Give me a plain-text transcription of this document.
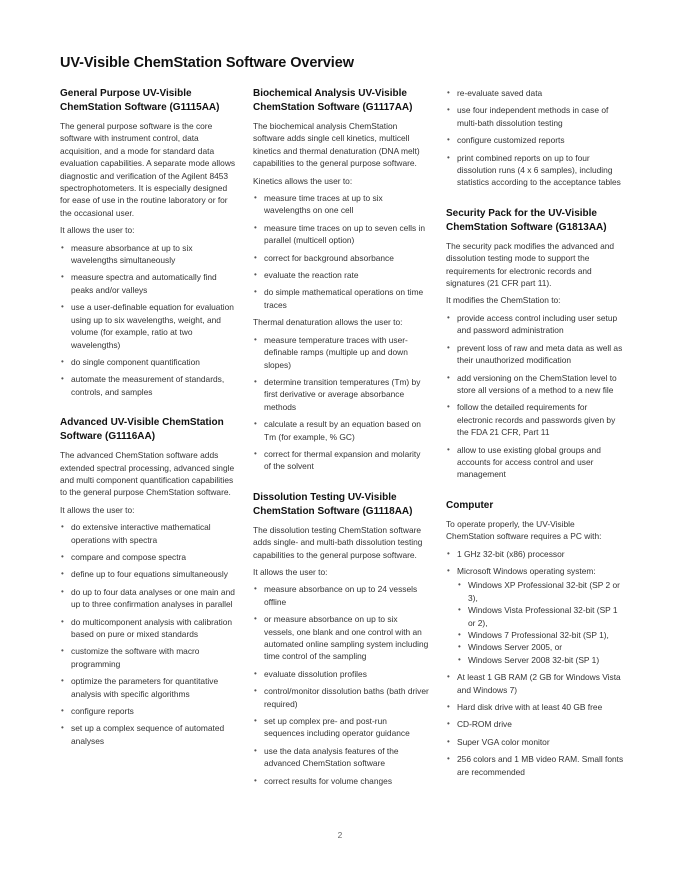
UV-Visible ChemStation Software Overview
General Purpose UV-Visible ChemStation Software (G1115AA)

The general purpose software is the core software with instrument control, data acquisition, and a mode for standard data evaluation capabilities. A separate mode allows diagnostic and verification of the Agilent 8453 spectrophotometers. It is especially designed for ease of use in the routine laboratory or for the occasional user.

It allows the user to:

• measure absorbance at up to six wavelengths simultaneously
• measure spectra and automatically find peaks and/or valleys
• use a user-definable equation for evaluation using up to six wavelengths, weight, and volume (for example, ratio at two wavelengths)
• do single component quantification
• automate the measurement of standards, controls, and samples
Advanced UV-Visible ChemStation Software (G1116AA)

The advanced ChemStation software adds extended spectral processing, advanced single and multi component quantification capabilities to the general purpose ChemStation software.

It allows the user to:

• do extensive interactive mathematical operations with spectra
• compare and compose spectra
• define up to four equations simultaneously
• do up to four data analyses or one main and up to three confirmation analyses in parallel
• do multicomponent analysis with calibration based on pure or mixed standards
• customize the software with macro programming
• optimize the parameters for quantitative analysis with specific algorithms
• configure reports
• set up a complex sequence of automated analyses
Biochemical Analysis UV-Visible ChemStation Software (G1117AA)

The biochemical analysis ChemStation software adds single cell kinetics, multicell kinetics and thermal denaturation (DNA melt) capabilities to the general purpose software.

Kinetics allows the user to:

• measure time traces at up to six wavelengths on one cell
• measure time traces on up to seven cells in parallel (multicell option)
• correct for background absorbance
• evaluate the reaction rate
• do simple mathematical operations on time traces

Thermal denaturation allows the user to:

• measure temperature traces with user-definable ramps (multiple up and down slopes)
• determine transition temperatures (Tm) by first derivative or average absorbance methods
• calculate a result by an equation based on Tm (for example, % GC)
• correct for thermal expansion and molarity of the solvent
Dissolution Testing UV-Visible ChemStation Software (G1118AA)

The dissolution testing ChemStation software adds single- and multi-bath dissolution testing capabilities to the general purpose software.

It allows the user to:

• measure absorbance on up to 24 vessels offline
• or measure absorbance on up to six vessels, one blank and one control with an automated online sampling system including time control of the sampling
• evaluate dissolution profiles
• control/monitor dissolution baths (bath driver required)
• set up complex pre- and post-run sequences including operator guidance
• use the data analysis features of the advanced ChemStation software
• correct results for volume changes
• re-evaluate saved data
• use four independent methods in case of multi-bath dissolution testing
• configure customized reports
• print combined reports on up to four dissolution runs (4 x 6 samples), including statistics according to the acceptance tables
Security Pack for the UV-Visible ChemStation Software (G1813AA)

The security pack modifies the advanced and dissolution testing mode to support the requirements for electronic records and signatures (21 CFR part 11).

It modifies the ChemStation to:

• provide access control including user setup and password administration
• prevent loss of raw and meta data as well as their unauthorized modification
• add versioning on the ChemStation level to store all versions of a method to a new file
• follow the detailed requirements for electronic records and passwords given by the FDA 21 CFR, Part 11
• allow to use existing global groups and accounts for access control and user management
Computer

To operate properly, the UV-Visible ChemStation software requires a PC with:

• 1 GHz 32-bit (x86) processor
• Microsoft Windows operating system:
• Windows XP Professional 32-bit (SP 2 or 3),
• Windows Vista Professional 32-bit (SP 1 or 2),
• Windows 7 Professional 32-bit (SP 1),
• Windows Server 2005, or
• Windows Server 2008 32-bit (SP 1)
• At least 1 GB RAM (2 GB for Windows Vista and Windows 7)
• Hard disk drive with at least 40 GB free
• CD-ROM drive
• Super VGA color monitor
• 256 colors and 1 MB video RAM. Small fonts are recommended
2
